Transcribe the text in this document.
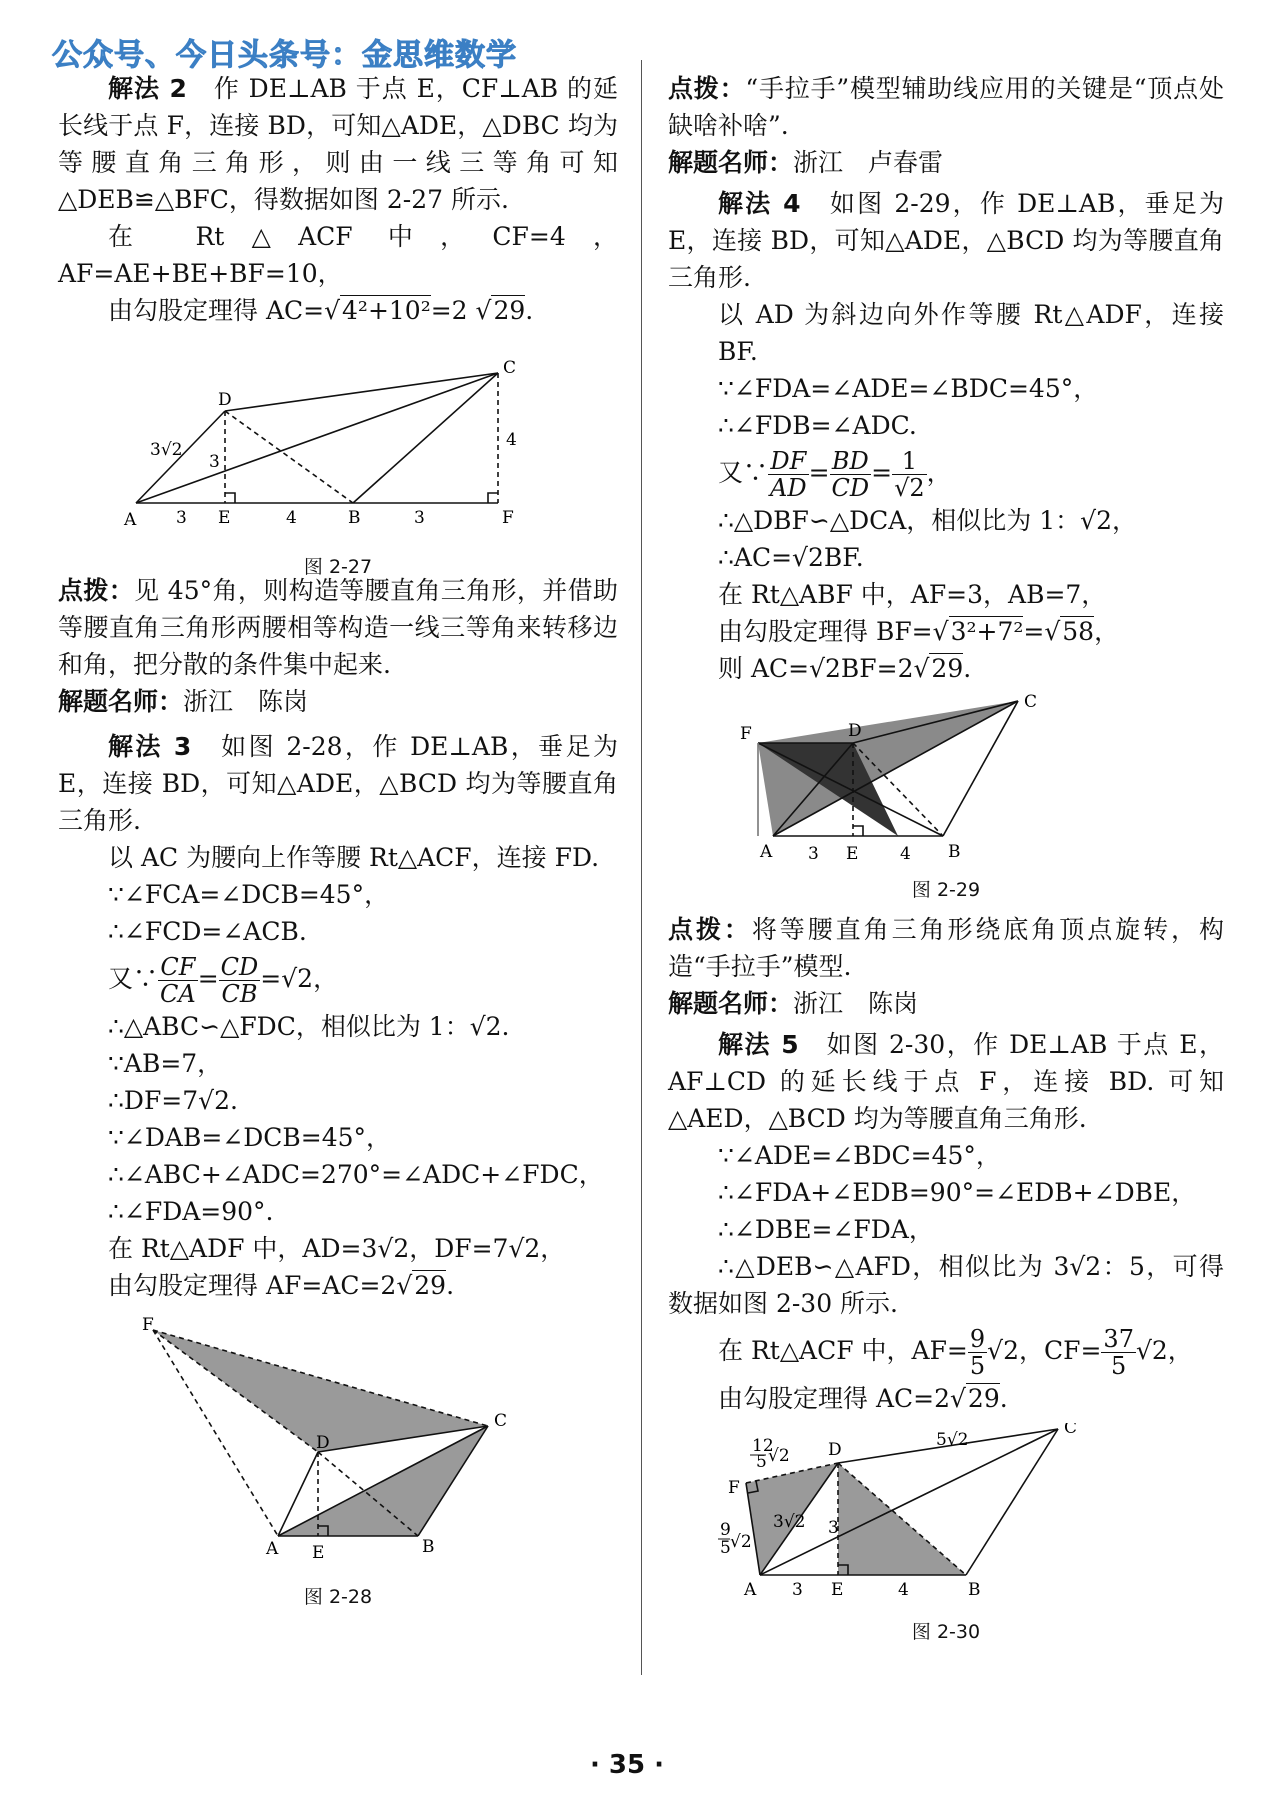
公众号、今日头条号：金思维数学

解法 2　 作 DE⊥AB 于点 E，CF⊥AB 的延长线于点 F，连接 BD，可知△ADE，△DBC 均为等腰直角三角形，则由一线三等角可知△DEB≌△BFC，得数据如图 2-27 所示.

在 Rt△ACF 中，CF=4，AF=AE+BE+BF=10，

由勾股定理得 AC=√4²+10²=2 √29.

A	E	B	F
C
D
3√2
3
3	4	3
4
图 2-27

点拨：见 45°角，则构造等腰直角三角形，并借助等腰直角三角形两腰相等构造一线三等角来转移边和角，把分散的条件集中起来.

解题名师：浙江　陈岗

解法 3　 如图 2-28，作 DE⊥AB，垂足为 E，连接 BD，可知△ADE，△BCD 均为等腰直角三角形.

以 AC 为腰向上作等腰 Rt△ACF，连接 FD.

∵∠FCA=∠DCB=45°，

∴∠FCD=∠ACB.

又∵ $\frac{CF}{CA} = \frac{CD}{CB} =√2$，

∴△ABC∽△FDC，相似比为 1：√2.

∵AB=7，

∴DF=7√2.

∵∠DAB=∠DCB=45°，

∴∠ABC+∠ADC=270°=∠ADC+∠FDC，

∴∠FDA=90°.

在 Rt△ADF 中，AD=3√2，DF=7√2，

由勾股定理得 AF=AC=2√29.

F
C
D
A E	B
图 2-28

点拨：“手拉手”模型辅助线应用的关键是“顶点处缺啥补啥”.

解题名师：浙江　卢春雷

解法 4　 如图 2-29，作 DE⊥AB，垂足为 E，连接 BD，可知△ADE，△BCD 均为等腰直角三角形.

以 AD 为斜边向外作等腰 Rt△ADF，连接 BF.

∵∠FDA=∠ADE=∠BDC=45°，

∴∠FDB=∠ADC.

又∵ $\frac{DF}{AD} = \frac{BD}{CD} = \frac{1}{√2}$ ，

∴△DBF∽△DCA，相似比为 1：√2，

∴AC=√2BF.

在 Rt△ABF 中，AF=3，AB=7，

由勾股定理得 BF=√3²+7²=√58，

则 AC=√2BF=2√29.

F	D
C
A	E	B
3	4
图 2-29

点拨：将等腰直角三角形绕底角顶点旋转，构造“手拉手”模型.

解题名师：浙江　陈岗

解法 5　 如图 2-30，作 DE⊥AB 于点 E，AF⊥CD 的延长线于点 F，连接 BD. 可知△AED，△BCD 均为等腰直角三角形.

∵∠ADE=∠BDC=45°，

∴∠FDA+∠EDB=90°=∠EDB+∠DBE，

∴∠DBE=∠FDA，

∴△DEB∽△AFD，相似比为 3√2：5，可得数据如图 2-30 所示.

在 Rt△ACF 中，$AF= \frac{9}{5} √2$，$CF= \frac{37}{5} √2$，

由勾股定理得 AC=2√29.

F
D
C
A	E	B
3	4
5√2
3√2 3
12
5 √2
9
5 √2
图 2-30
· 35 ·
